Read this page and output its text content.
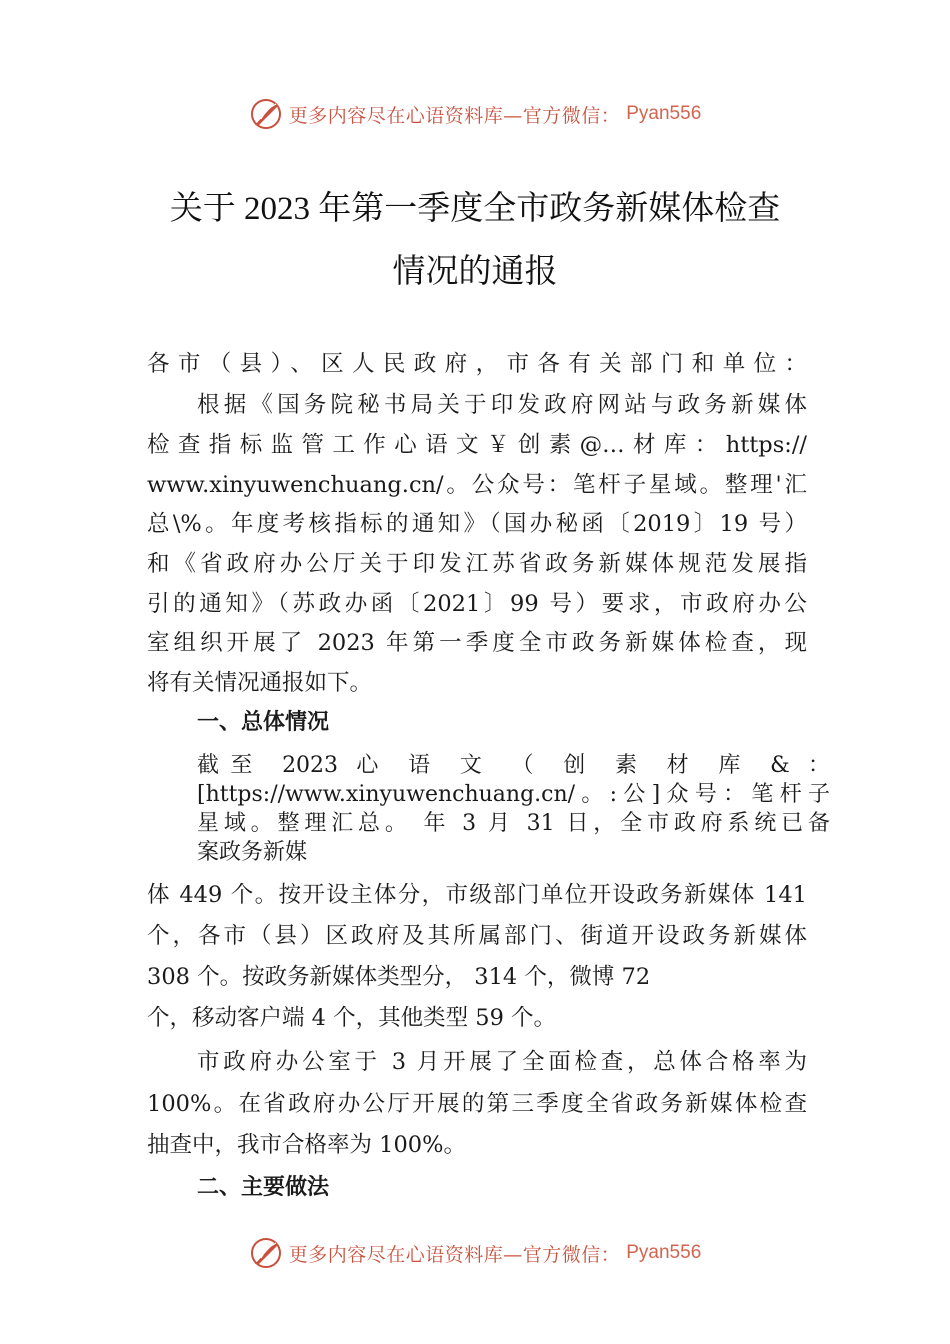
更多内容尽在心语资料库—官方微信： Pyan556
关于 2023 年第一季度全市政务新媒体检查
情况的通报
各市（县）、区人民政府，市各有关部门和单位：
根据《国务院秘书局关于印发政府网站与政务新媒体
检查指标监管工作心语文￥创素@…材库：https://
www.xinyuwenchuang.cn/。公众号：笔杆子星域。整理'汇
总\%。年度考核指标的通知》（国办秘函〔2019〕19 号）
和《省政府办公厅关于印发江苏省政务新媒体规范发展指
引的通知》（苏政办函〔2021〕99 号）要求，市政府办公
室组织开展了 2023 年第一季度全市政务新媒体检查，现
将有关情况通报如下。
一、总体情况
截至 2023 心 语 文 （ 创 素 材 库 & ：
[https://www.xinyuwenchuang.cn/。:公]众号：笔杆子
星域。整理汇总。 年 3 月 31 日，全市政府系统已备
案政务新媒
体 449 个。按开设主体分，市级部门单位开设政务新媒体 141
个，各市（县）区政府及其所属部门、街道开设政务新媒体
308 个。按政务新媒体类型分， 314 个，微博 72
个，移动客户端 4 个，其他类型 59 个。
市政府办公室于 3 月开展了全面检查，总体合格率为
100%。在省政府办公厅开展的第三季度全省政务新媒体检查
抽查中，我市合格率为 100%。
二、主要做法
更多内容尽在心语资料库—官方微信： Pyan556
